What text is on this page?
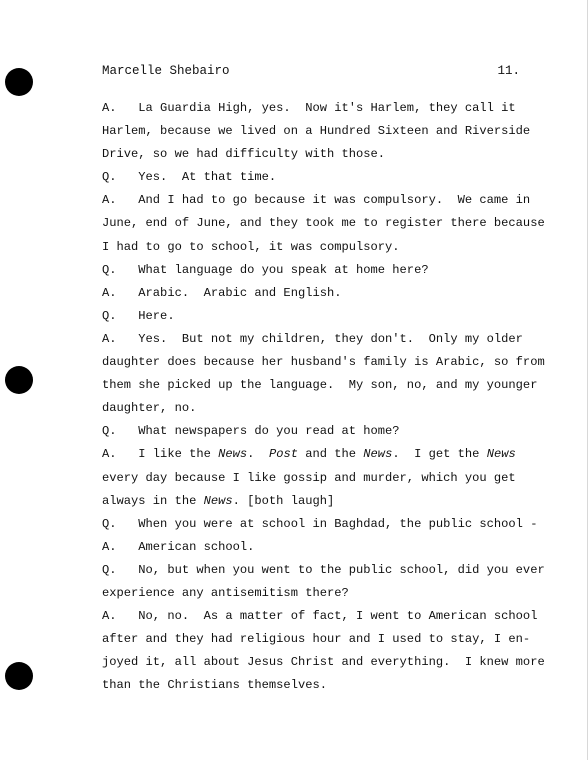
Marcelle Shebairo	11.
A.   La Guardia High, yes.  Now it's Harlem, they call it
Harlem, because we lived on a Hundred Sixteen and Riverside
Drive, so we had difficulty with those.
Q.   Yes.  At that time.
A.   And I had to go because it was compulsory.  We came in
June, end of June, and they took me to register there because
I had to go to school, it was compulsory.
Q.   What language do you speak at home here?
A.   Arabic.  Arabic and English.
Q.   Here.
A.   Yes.  But not my children, they don't.  Only my older
daughter does because her husband's family is Arabic, so from
them she picked up the language.  My son, no, and my younger
daughter, no.
Q.   What newspapers do you read at home?
A.   I like the News.  Post and the News.  I get the News
every day because I like gossip and murder, which you get
always in the News. [both laugh]
Q.   When you were at school in Baghdad, the public school -
A.   American school.
Q.   No, but when you went to the public school, did you ever
experience any antisemitism there?
A.   No, no.  As a matter of fact, I went to American school
after and they had religious hour and I used to stay, I en-
joyed it, all about Jesus Christ and everything.  I knew more
than the Christians themselves.
